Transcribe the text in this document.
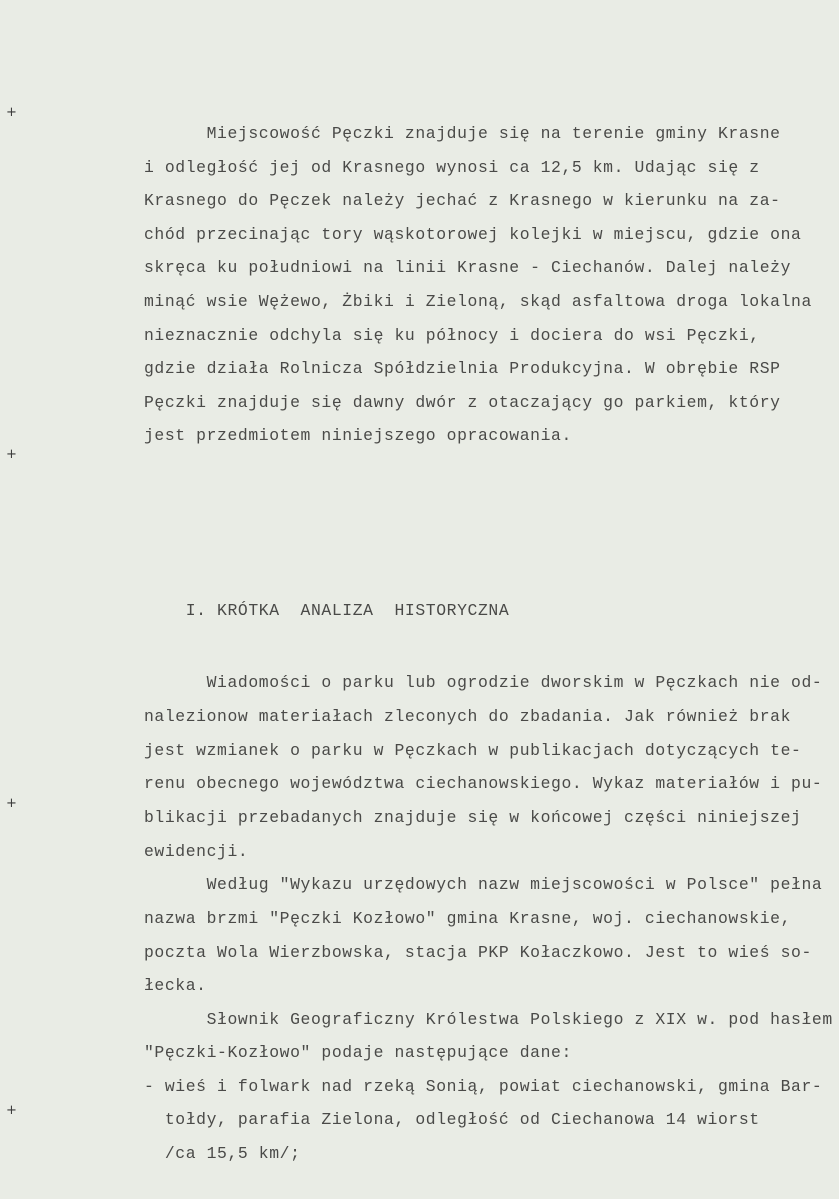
+
+
+
+
Miejscowość Pęczki znajduje się na terenie gminy Krasne
i odległość jej od Krasnego wynosi ca 12,5 km. Udając się z
Krasnego do Pęczek należy jechać z Krasnego w kierunku na za-
chód przecinając tory wąskotorowej kolejki w miejscu, gdzie ona
skręca ku południowi na linii Krasne - Ciechanów. Dalej należy
minąć wsie Wężewo, Żbiki i Zieloną, skąd asfaltowa droga lokalna
nieznacznie odchyla się ku północy i dociera do wsi Pęczki,
gdzie działa Rolnicza Spółdzielnia Produkcyjna. W obrębie RSP
Pęczki znajduje się dawny dwór z otaczający go parkiem, który
jest przedmiotem niniejszego opracowania.
I. KRÓTKA  ANALIZA  HISTORYCZNA
Wiadomości o parku lub ogrodzie dworskim w Pęczkach nie od-
nalezionow materiałach zleconych do zbadania. Jak również brak
jest wzmianek o parku w Pęczkach w publikacjach dotyczących te-
renu obecnego województwa ciechanowskiego. Wykaz materiałów i pu-
blikacji przebadanych znajduje się w końcowej części niniejszej
ewidencji.
Według "Wykazu urzędowych nazw miejscowości w Polsce" pełna
nazwa brzmi "Pęczki Kozłowo" gmina Krasne, woj. ciechanowskie,
poczta Wola Wierzbowska, stacja PKP Kołaczkowo. Jest to wieś so-
łecka.
Słownik Geograficzny Królestwa Polskiego z XIX w. pod hasłem
"Pęczki-Kozłowo" podaje następujące dane:
- wieś i folwark nad rzeką Sonią, powiat ciechanowski, gmina Bar-
tołdy, parafia Zielona, odległość od Ciechanowa 14 wiorst
/ca 15,5 km/;
